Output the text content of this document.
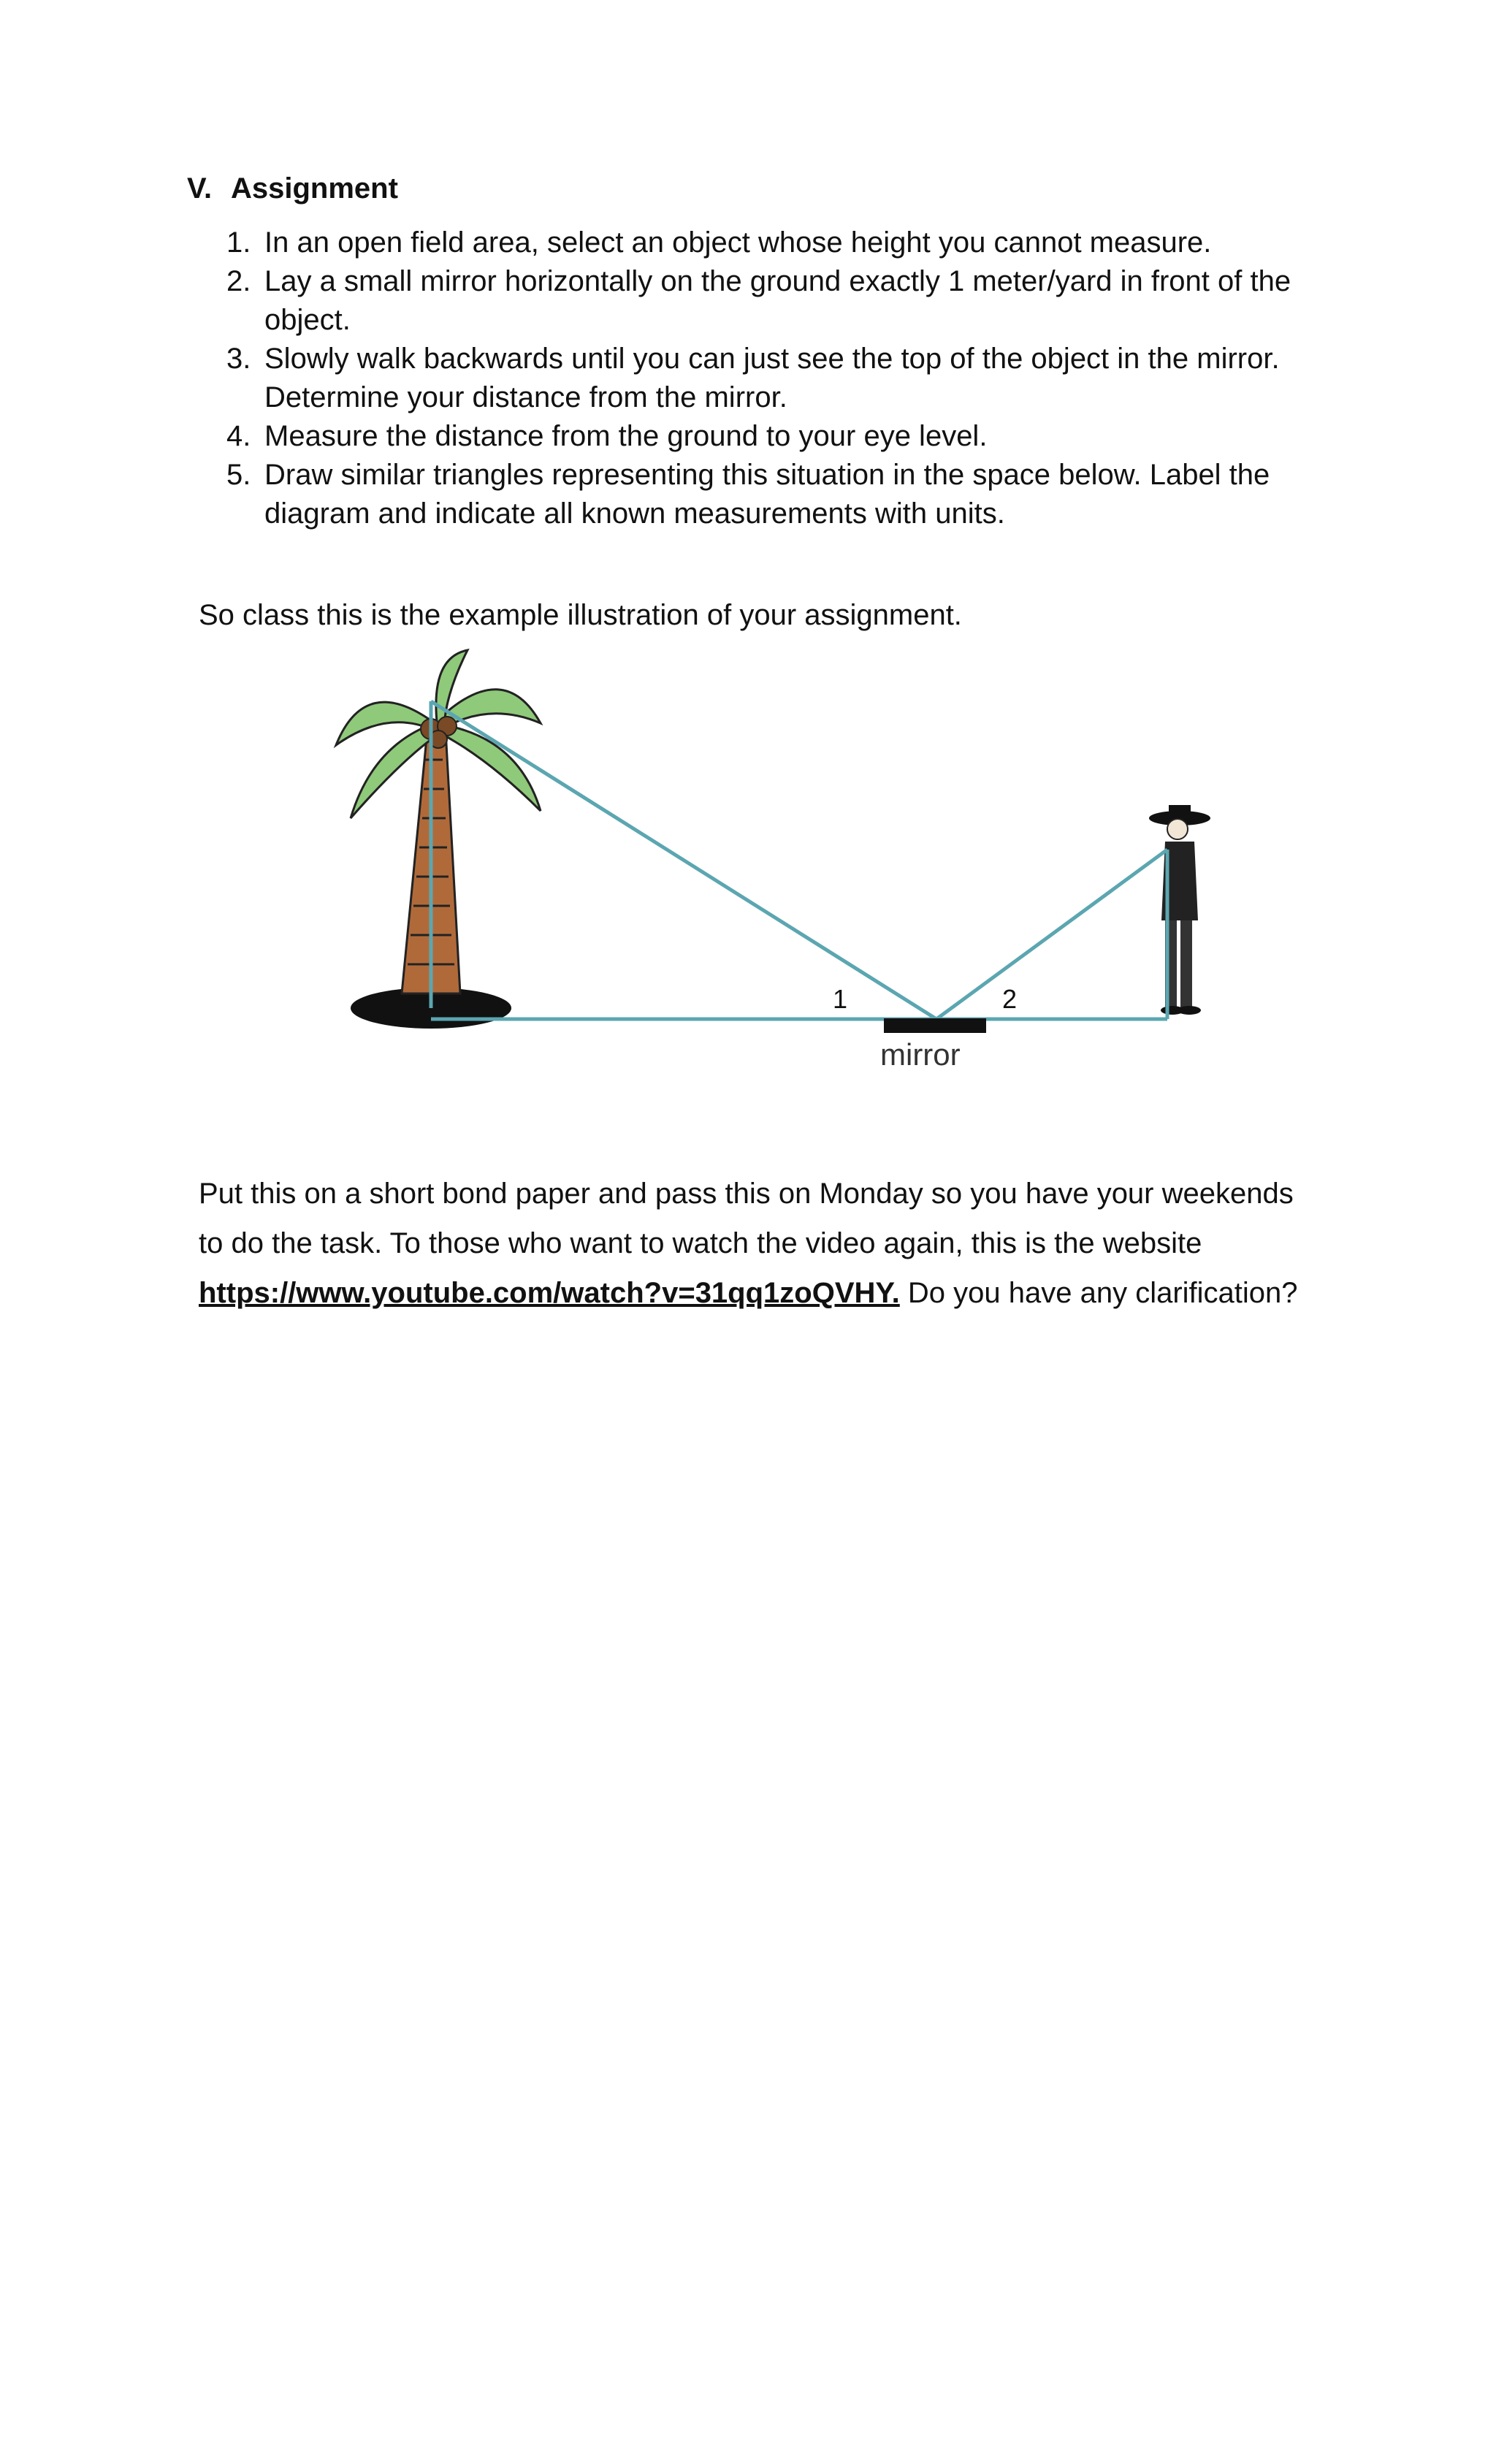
V. Assignment
1. In an open field area, select an object whose height you cannot measure.
2. Lay a small mirror horizontally on the ground exactly 1 meter/yard in front of the object.
3. Slowly walk backwards until you can just see the top of the object in the mirror. Determine your distance from the mirror.
4. Measure the distance from the ground to your eye level.
5. Draw similar triangles representing this situation in the space below. Label the diagram and indicate all known measurements with units.
So class this is the example illustration of your assignment.
1	2
mirror

Put this on a short bond paper and pass this on Monday so you have your weekends

to do the task. To those who want to watch the video again, this is the website

https://www.youtube.com/watch?v=31qq1zoQVHY. Do you have any clarification?
